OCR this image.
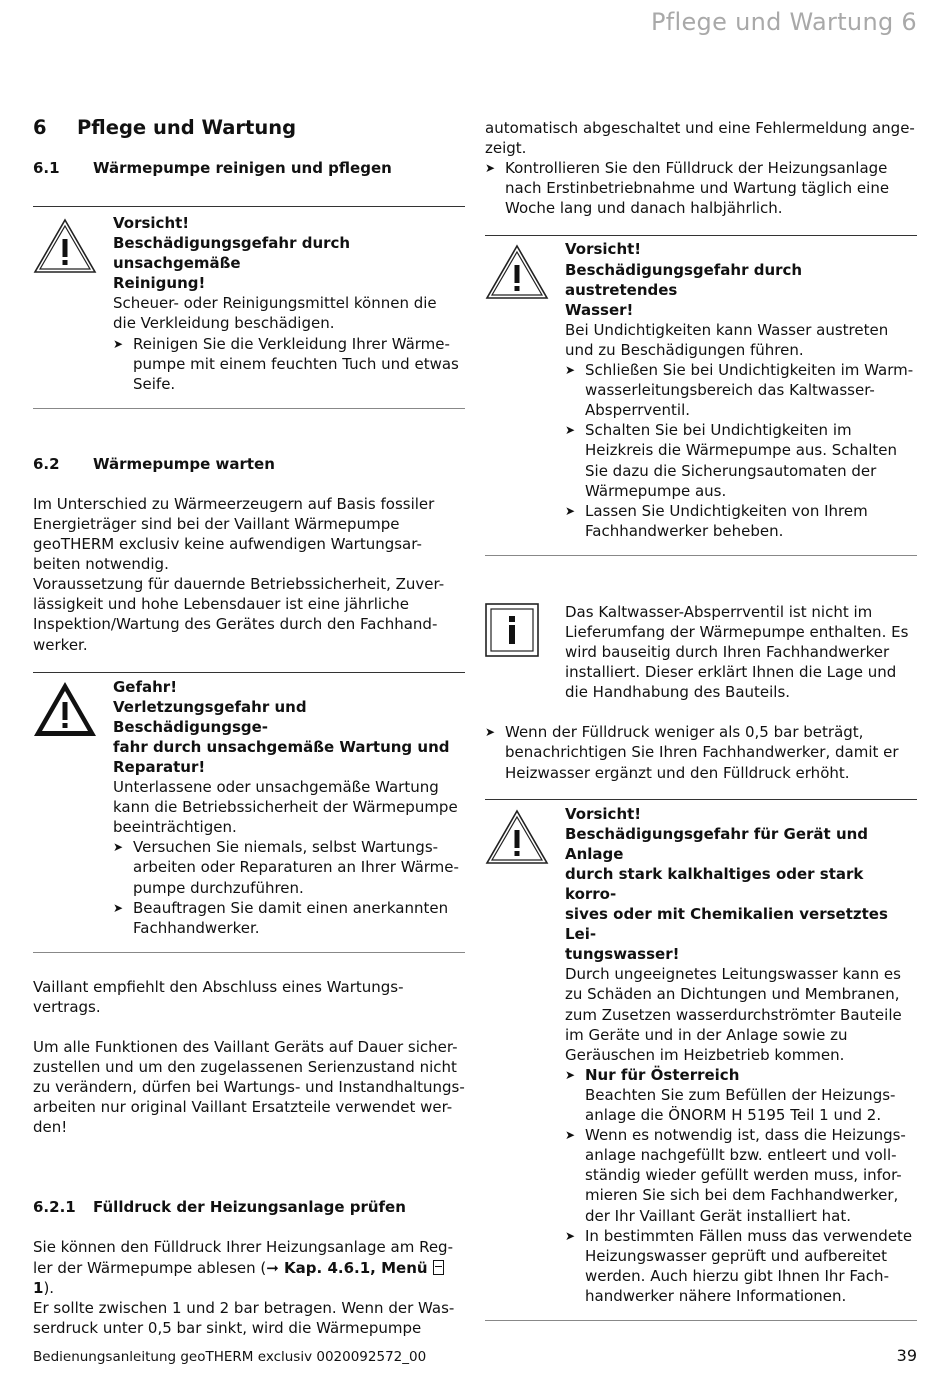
Pflege und Wartung 6
6	Pflege und Wartung
6.1	Wärmepumpe reinigen und pflegen

Vorsicht!

Beschädigungsgefahr durch unsachgemäße

Reinigung!

Scheuer- oder Reinigungsmittel können die

die Verkleidung beschädigen.

➤ Reinigen Sie die Verkleidung Ihrer Wärme-

pumpe mit einem feuchten Tuch und etwas

Seife.

6.2	Wärmepumpe warten

Im Unterschied zu Wärmeerzeugern auf Basis fossiler

Energieträger sind bei der Vaillant Wärmepumpe

geoTHERM exclusiv keine aufwendigen Wartungsar-

beiten notwendig.

Voraussetzung für dauernde Betriebssicherheit, Zuver-

lässigkeit und hohe Lebensdauer ist eine jährliche

Inspektion/Wartung des Gerätes durch den Fachhand-

werker.

Gefahr!

Verletzungsgefahr und Beschädigungsge-

fahr durch unsachgemäße Wartung und

Reparatur!

Unterlassene oder unsachgemäße Wartung

kann die Betriebssicherheit der Wärmepumpe

beeinträchtigen.

➤ Versuchen Sie niemals, selbst Wartungs-

arbeiten oder Reparaturen an Ihrer Wärme-

pumpe durchzuführen.

➤ Beauftragen Sie damit einen anerkannten

Fachhandwerker.

Vaillant empfiehlt den Abschluss eines Wartungs-

vertrags.

Um alle Funktionen des Vaillant Geräts auf Dauer sicher-

zustellen und um den zugelassenen Serienzustand nicht

zu verändern, dürfen bei Wartungs- und Instandhaltungs-

arbeiten nur original Vaillant Ersatzteile verwendet wer-

den!

6.2.1	Fülldruck der Heizungsanlage prüfen

Sie können den Fülldruck Ihrer Heizungsanlage am Reg-

ler der Wärmepumpe ablesen (➞ Kap. 4.6.1, Menü
1).

Er sollte zwischen 1 und 2 bar betragen. Wenn der Was-

serdruck unter 0,5 bar sinkt, wird die Wärmepumpe

automatisch abgeschaltet und eine Fehlermeldung ange-

zeigt.

➤ Kontrollieren Sie den Fülldruck der Heizungsanlage

nach Erstinbetriebnahme und Wartung täglich eine

Woche lang und danach halbjährlich.

Vorsicht!

Beschädigungsgefahr durch austretendes

Wasser!

Bei Undichtigkeiten kann Wasser austreten

und zu Beschädigungen führen.

➤ Schließen Sie bei Undichtigkeiten im Warm-

wasserleitungsbereich das Kaltwasser-

Absperrventil.

➤ Schalten Sie bei Undichtigkeiten im

Heizkreis die Wärmepumpe aus. Schalten

Sie dazu die Sicherungsautomaten der

Wärmepumpe aus.

➤ Lassen Sie Undichtigkeiten von Ihrem

Fachhandwerker beheben.

Das Kaltwasser-Absperrventil ist nicht im

Lieferumfang der Wärmepumpe enthalten. Es

wird bauseitig durch Ihren Fachhandwerker

installiert. Dieser erklärt Ihnen die Lage und

die Handhabung des Bauteils.

➤ Wenn der Fülldruck weniger als 0,5 bar beträgt,

benachrichtigen Sie Ihren Fachhandwerker, damit er

Heizwasser ergänzt und den Fülldruck erhöht.

Vorsicht!

Beschädigungsgefahr für Gerät und Anlage

durch stark kalkhaltiges oder stark korro-

sives oder mit Chemikalien versetztes Lei-

tungswasser!

Durch ungeeignetes Leitungswasser kann es

zu Schäden an Dichtungen und Membranen,

zum Zusetzen wasserdurchströmter Bauteile

im Geräte und in der Anlage sowie zu

Geräuschen im Heizbetrieb kommen.

➤ Nur für Österreich

Beachten Sie zum Befüllen der Heizungs-

anlage die ÖNORM H 5195 Teil 1 und 2.

➤ Wenn es notwendig ist, dass die Heizungs-

anlage nachgefüllt bzw. entleert und voll-

ständig wieder gefüllt werden muss, infor-

mieren Sie sich bei dem Fachhandwerker,

der Ihr Vaillant Gerät installiert hat.

➤ In bestimmten Fällen muss das verwendete

Heizungswasser geprüft und aufbereitet

werden. Auch hierzu gibt Ihnen Ihr Fach-

handwerker nähere Informationen.

Bedienungsanleitung geoTHERM exclusiv 0020092572_00	39
